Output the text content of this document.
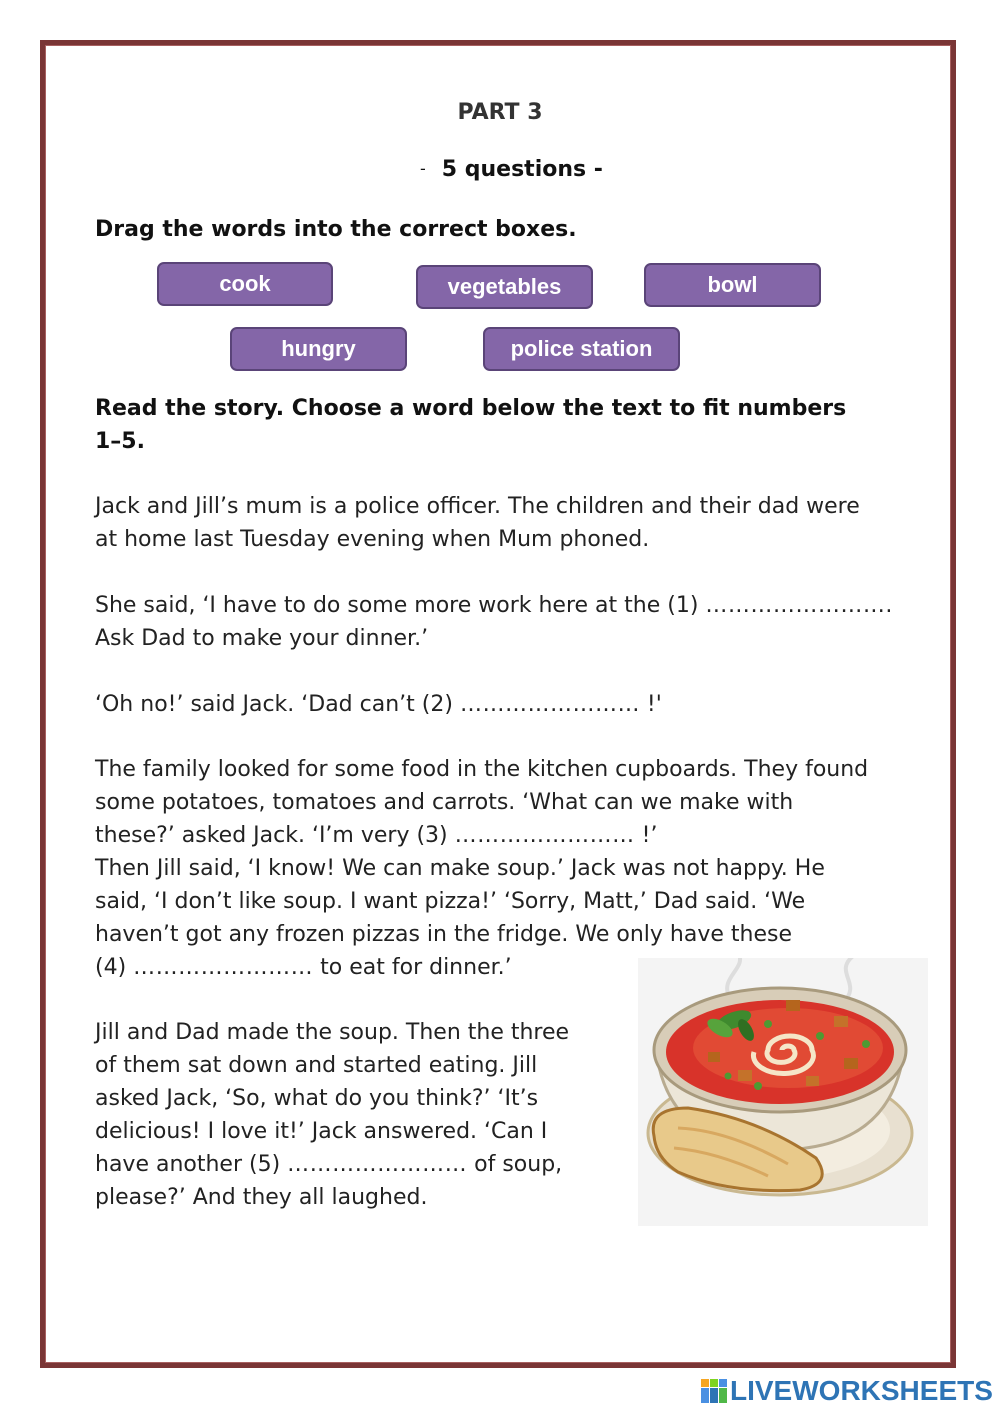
PART 3
- 5 questions -
Drag the words into the correct boxes.
cook	vegetables	bowl
hungry	police station
Read the story. Choose a word below the text to fit numbers
1–5.
Jack and Jill’s mum is a police officer. The children and their dad were
at home last Tuesday evening when Mum phoned.
She said, ‘I have to do some more work here at the (1) …………………….
Ask Dad to make your dinner.’
‘Oh no!’ said Jack. ‘Dad can’t (2) …………………… !'
The family looked for some food in the kitchen cupboards. They found
some potatoes, tomatoes and carrots. ‘What can we make with
these?’ asked Jack. ‘I’m very (3) …………………… !’
Then Jill said, ‘I know! We can make soup.’ Jack was not happy. He
said, ‘I don’t like soup. I want pizza!’ ‘Sorry, Matt,’ Dad said. ‘We
haven’t got any frozen pizzas in the fridge. We only have these
(4) …………………… to eat for dinner.’
Jill and Dad made the soup. Then the three
of them sat down and started eating. Jill
asked Jack, ‘So, what do you think?’ ‘It’s
delicious! I love it!’ Jack answered. ‘Can I
have another (5) …………………… of soup,
please?’ And they all laughed.
LIVEWORKSHEETS
